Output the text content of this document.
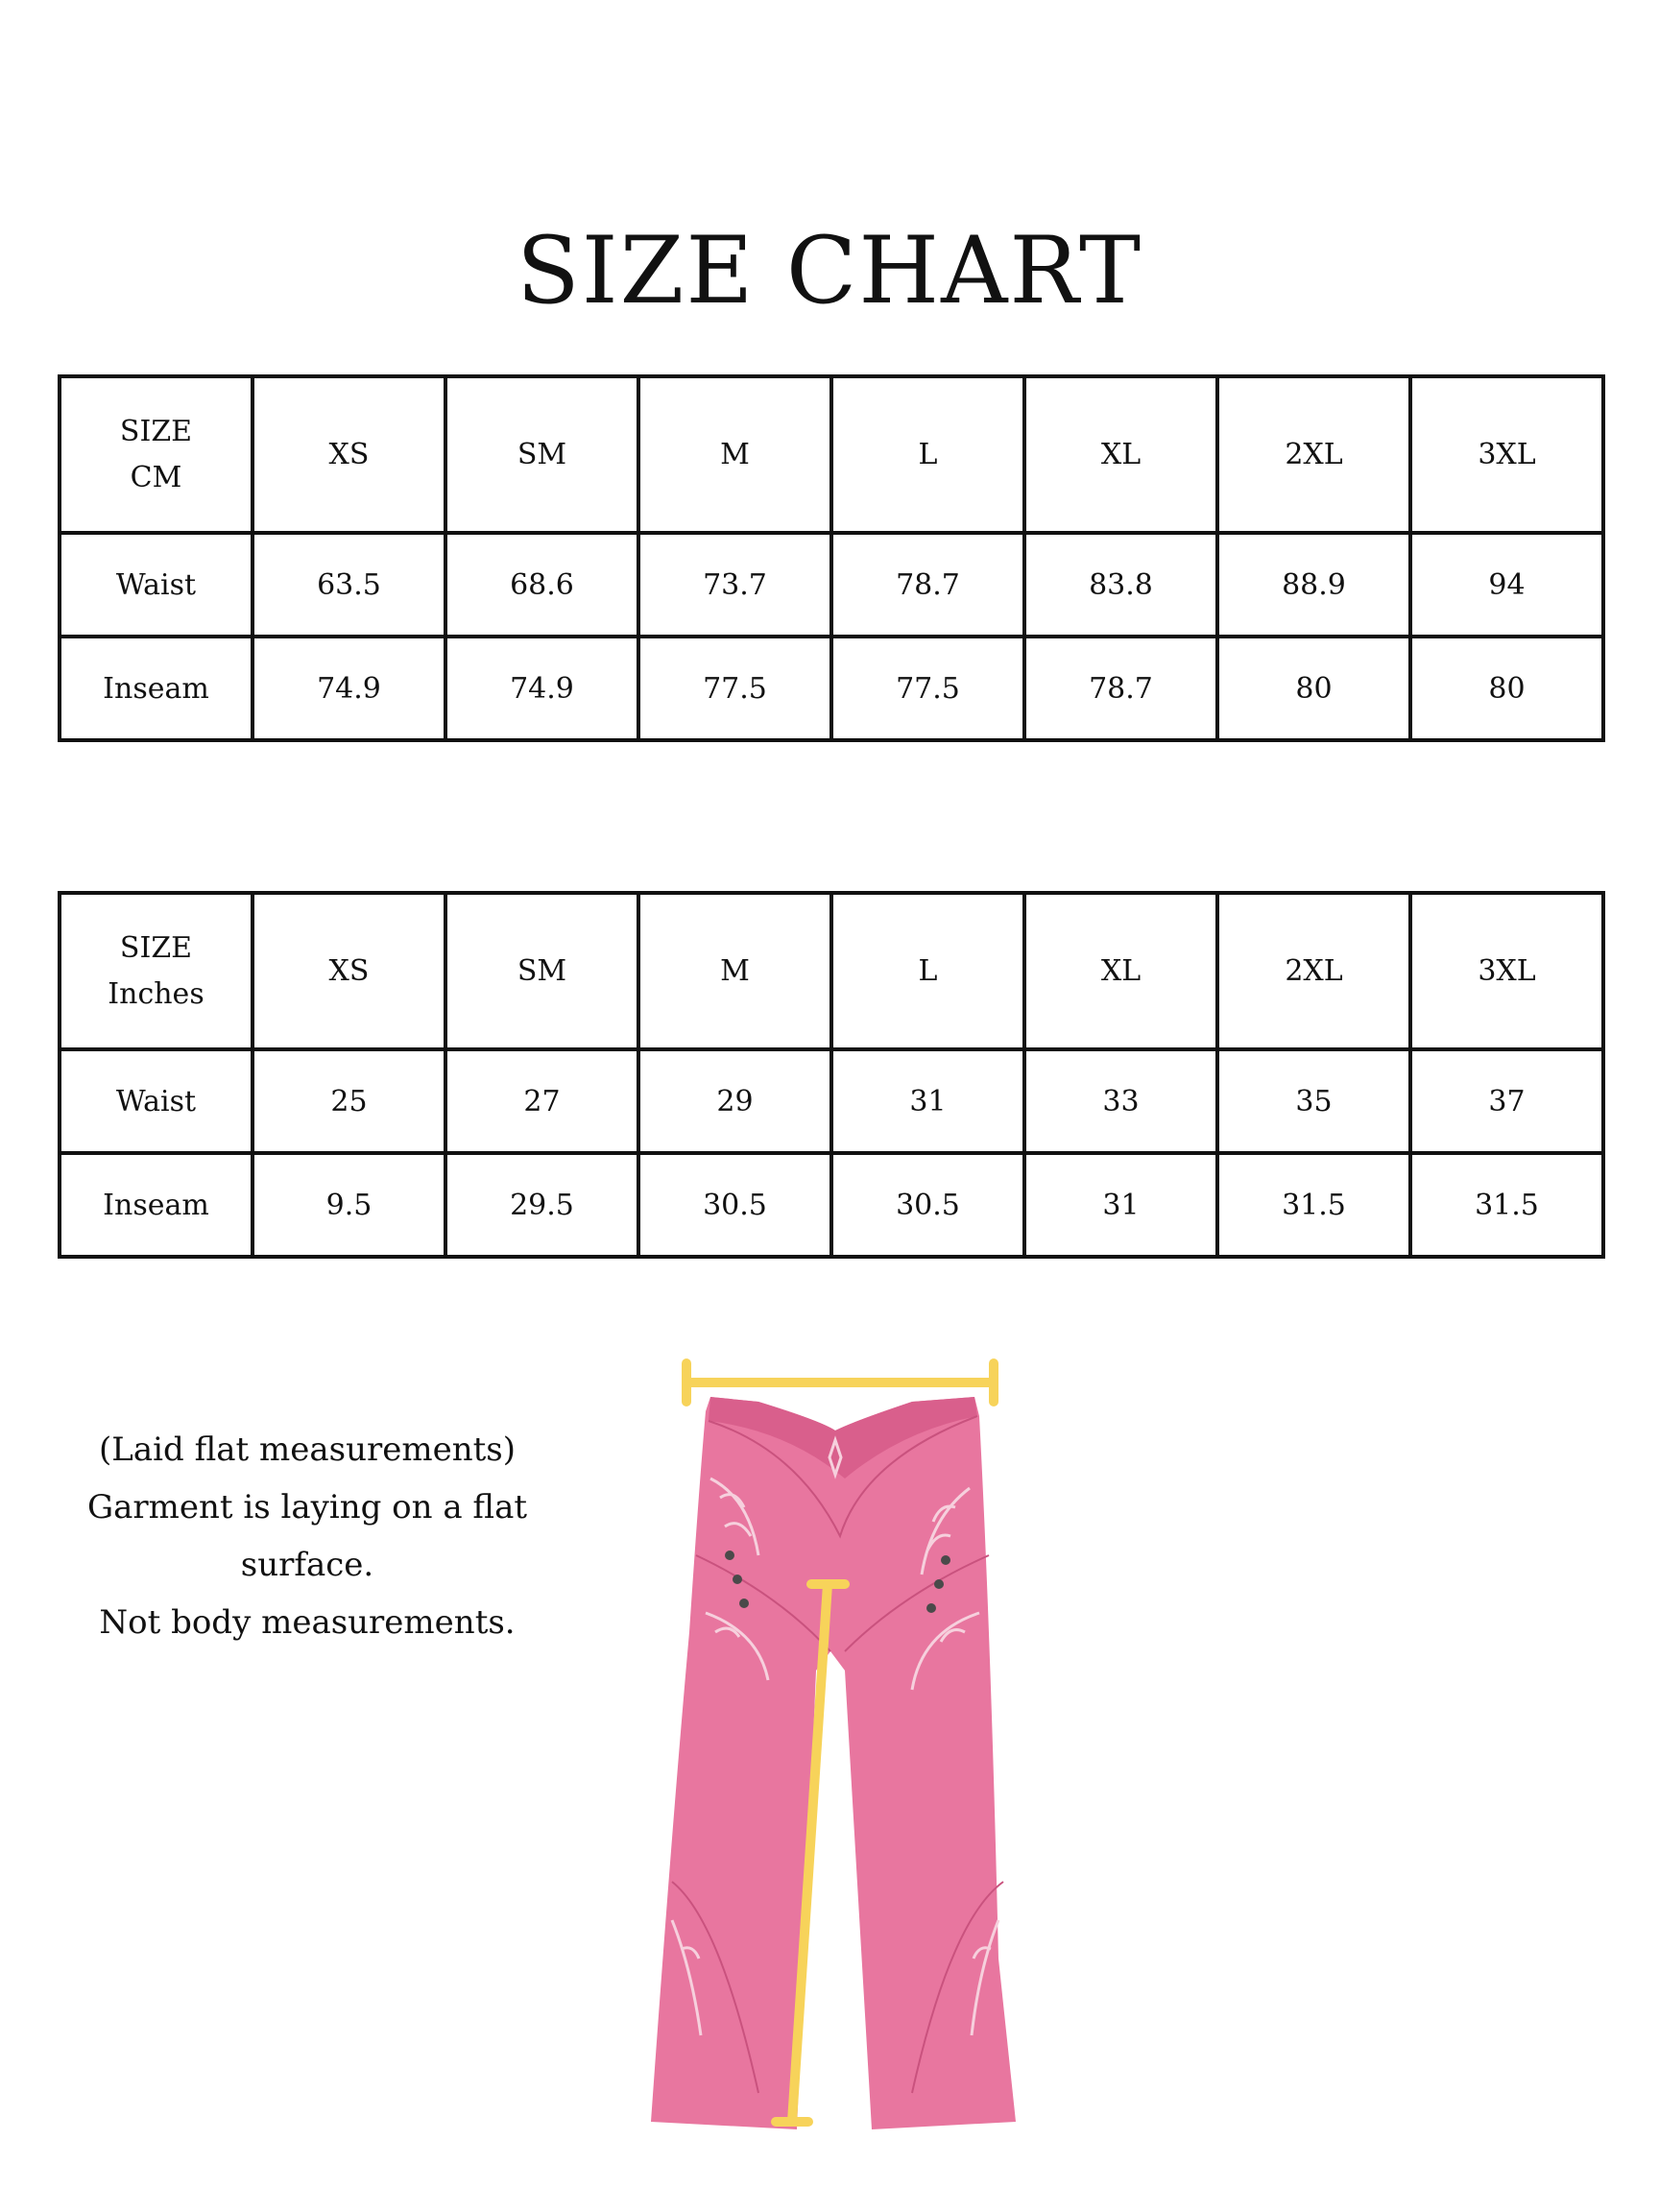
SIZE CHART
SIZE
CM	XS	SM	M	L	XL	2XL	3XL
Waist	63.5	68.6	73.7	78.7	83.8	88.9	94
Inseam	74.9	74.9	77.5	77.5	78.7	80	80
SIZE
Inches	XS	SM	M	L	XL	2XL	3XL
Waist	25	27	29	31	33	35	37
Inseam	9.5	29.5	30.5	30.5	31	31.5	31.5
(Laid flat measurements)
Garment is laying on a flat
surface.
Not body measurements.
